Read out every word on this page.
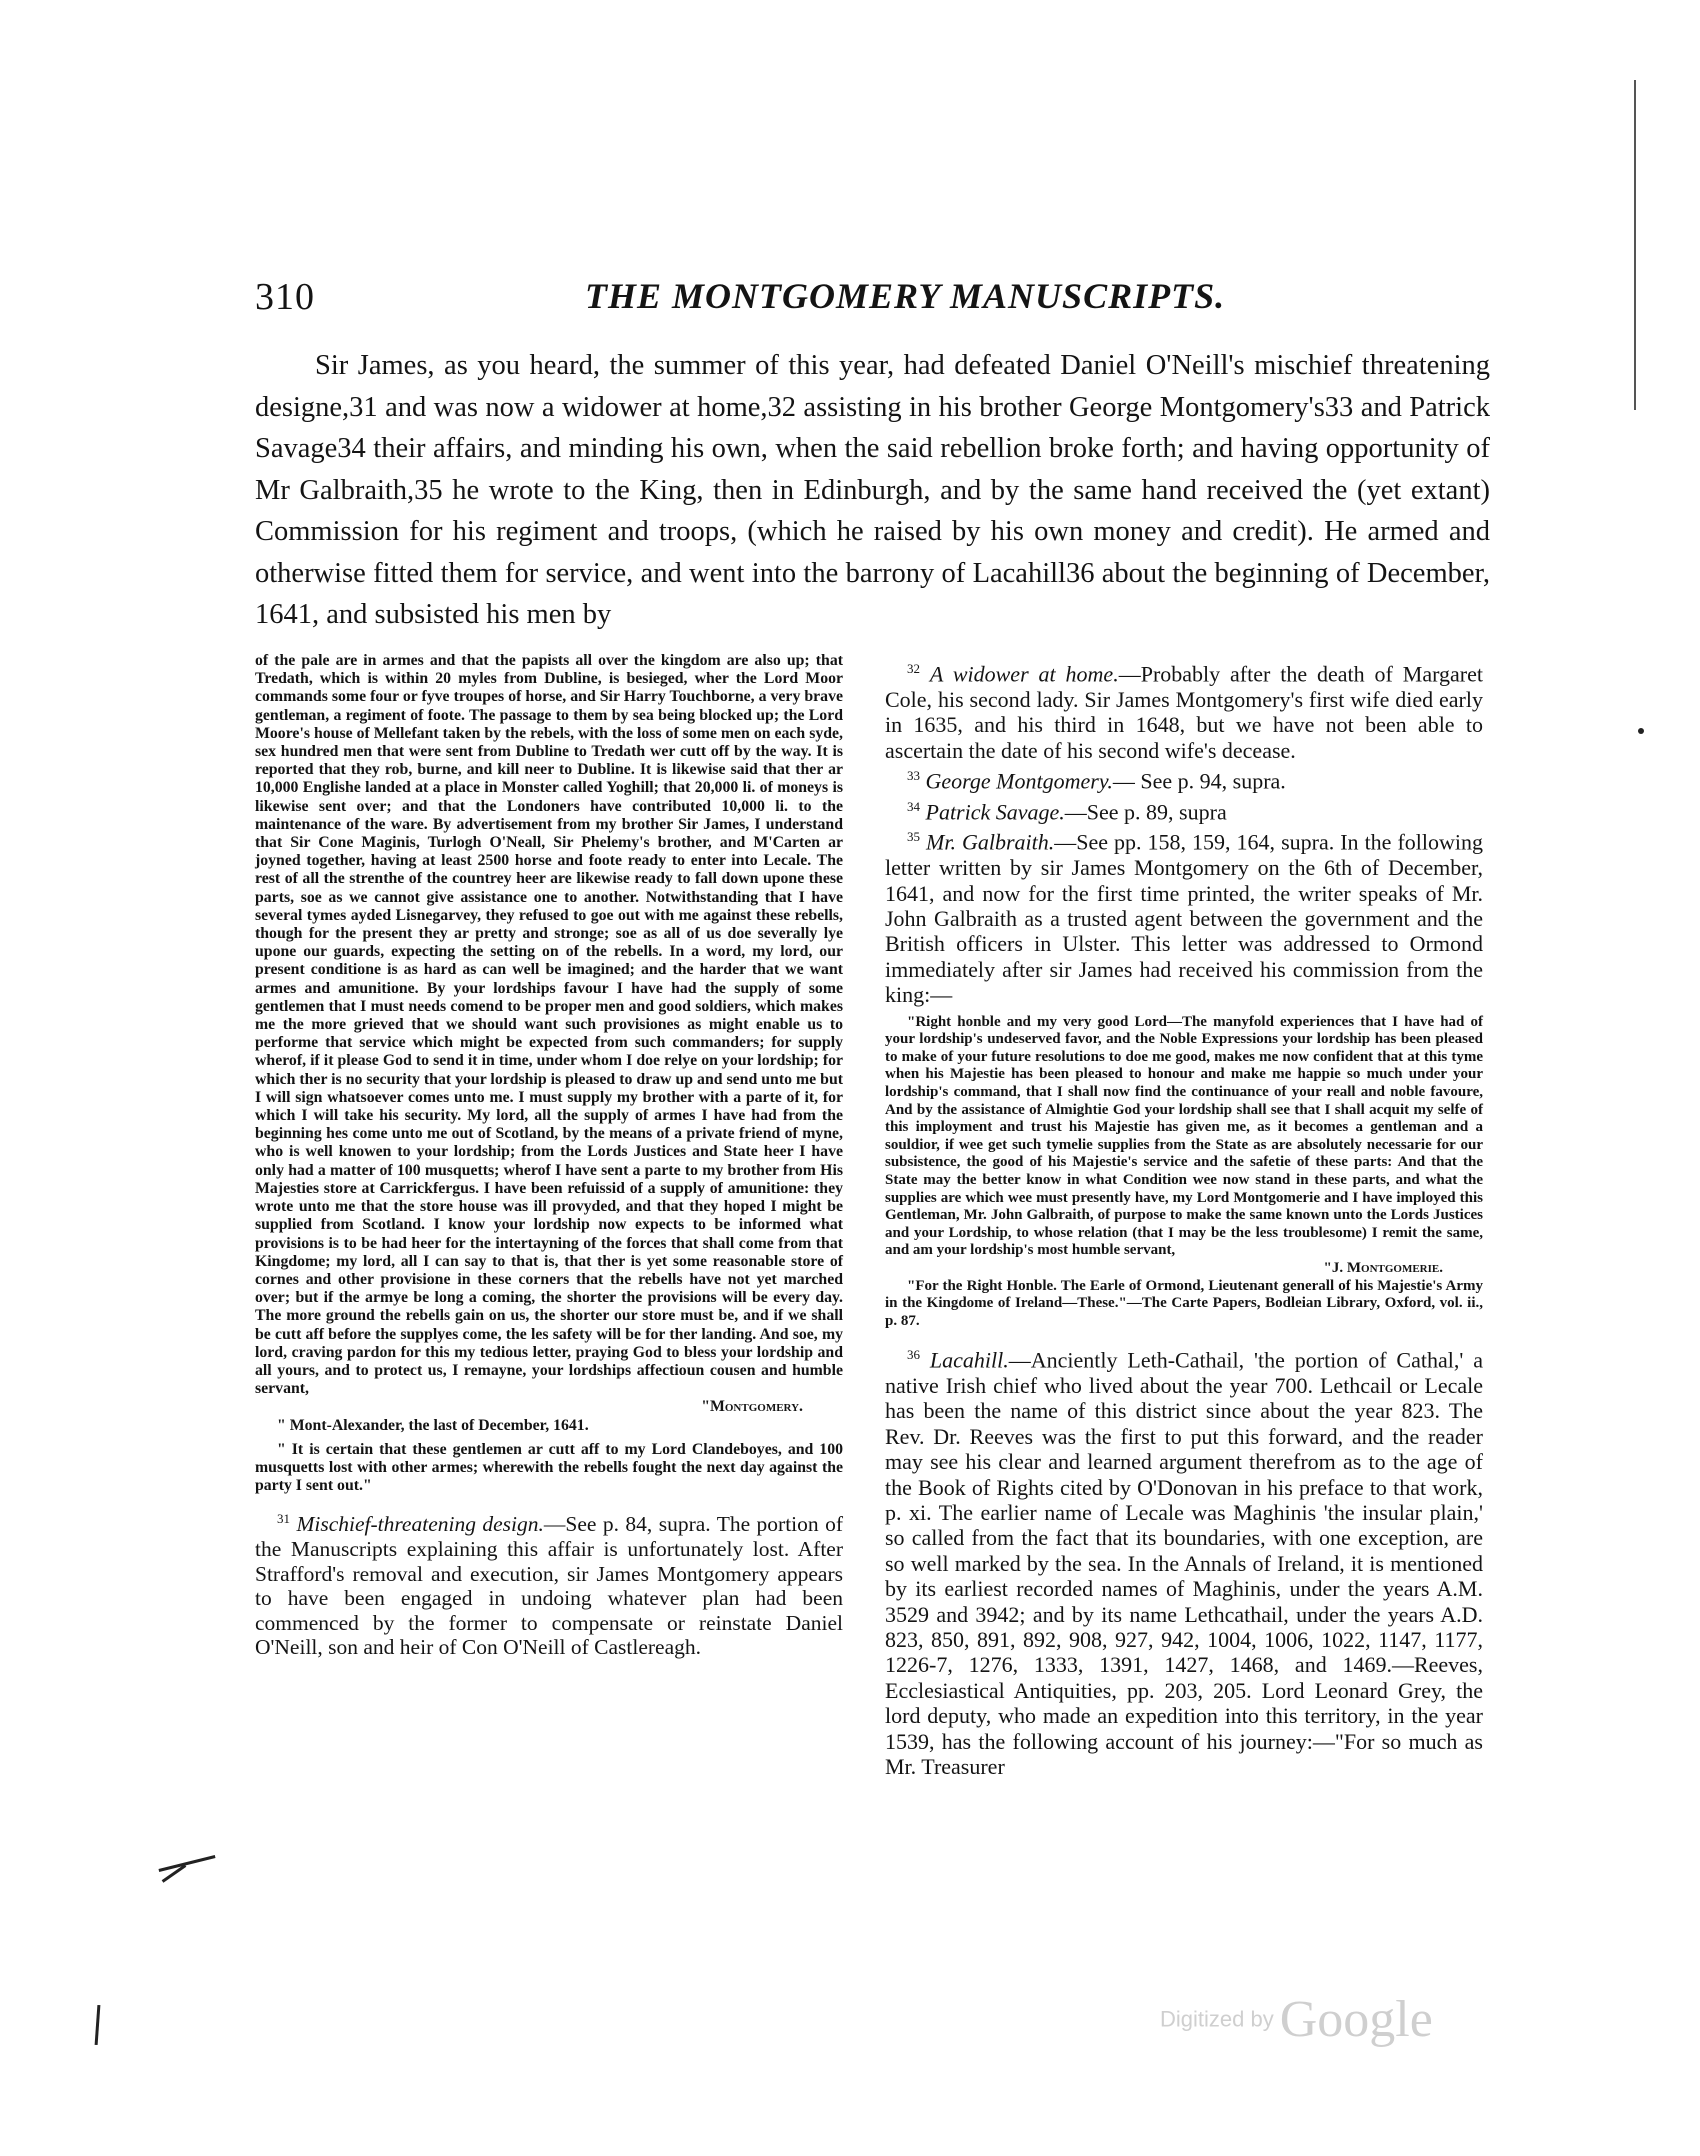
310	THE MONTGOMERY MANUSCRIPTS.

Sir James, as you heard, the summer of this year, had defeated Daniel O'Neill's mischief threatening designe,31 and was now a widower at home,32 assisting in his brother George Montgomery's33 and Patrick Savage34 their affairs, and minding his own, when the said rebellion broke forth; and having opportunity of Mr Galbraith,35 he wrote to the King, then in Edinburgh, and by the same hand received the (yet extant) Commission for his regiment and troops, (which he raised by his own money and credit). He armed and otherwise fitted them for service, and went into the barrony of Lacahill36 about the beginning of December, 1641, and subsisted his men by

of the pale are in armes and that the papists all over the kingdom are also up; that Tredath, which is within 20 myles from Dubline, is besieged, wher the Lord Moor commands some four or fyve troupes of horse, and Sir Harry Touchborne, a very brave gentleman, a regiment of foote. The passage to them by sea being blocked up; the Lord Moore's house of Mellefant taken by the rebels, with the loss of some men on each syde, sex hundred men that were sent from Dubline to Tredath wer cutt off by the way. It is reported that they rob, burne, and kill neer to Dubline. It is likewise said that ther ar 10,000 Englishe landed at a place in Monster called Yoghill; that 20,000 li. of moneys is likewise sent over; and that the Londoners have contributed 10,000 li. to the maintenance of the ware. By advertisement from my brother Sir James, I understand that Sir Cone Maginis, Turlogh O'Neall, Sir Phelemy's brother, and M'Carten ar joyned together, having at least 2500 horse and foote ready to enter into Lecale. The rest of all the strenthe of the countrey heer are likewise ready to fall down upone these parts, soe as we cannot give assistance one to another. Notwithstanding that I have several tymes ayded Lisnegarvey, they refused to goe out with me against these rebells, though for the present they ar pretty and stronge; soe as all of us doe severally lye upone our guards, expecting the setting on of the rebells. In a word, my lord, our present conditione is as hard as can well be imagined; and the harder that we want armes and amunitione. By your lordships favour I have had the supply of some gentlemen that I must needs comend to be proper men and good soldiers, which makes me the more grieved that we should want such provisiones as might enable us to performe that service which might be expected from such commanders; for supply wherof, if it please God to send it in time, under whom I doe relye on your lordship; for which ther is no security that your lordship is pleased to draw up and send unto me but I will sign whatsoever comes unto me. I must supply my brother with a parte of it, for which I will take his security. My lord, all the supply of armes I have had from the beginning hes come unto me out of Scotland, by the means of a private friend of myne, who is well knowen to your lordship; from the Lords Justices and State heer I have only had a matter of 100 musquetts; wherof I have sent a parte to my brother from His Majesties store at Carrickfergus. I have been refuissid of a supply of amunitione: they wrote unto me that the store house was ill provyded, and that they hoped I might be supplied from Scotland. I know your lordship now expects to be informed what provisions is to be had heer for the intertayning of the forces that shall come from that Kingdome; my lord, all I can say to that is, that ther is yet some reasonable store of cornes and other provisione in these corners that the rebells have not yet marched over; but if the armye be long a coming, the shorter the provisions will be every day. The more ground the rebells gain on us, the shorter our store must be, and if we shall be cutt aff before the supplyes come, the les safety will be for ther landing. And soe, my lord, craving pardon for this my tedious letter, praying God to bless your lordship and all yours, and to protect us, I remayne, your lordships affectioun cousen and humble servant,

"Montgomery.

" Mont-Alexander, the last of December, 1641.

" It is certain that these gentlemen ar cutt aff to my Lord Clandeboyes, and 100 musquetts lost with other armes; wherewith the rebells fought the next day against the party I sent out."

$^{31}$ Mischief-threatening design.—See p. 84, supra. The portion of the Manuscripts explaining this affair is unfortunately lost. After Strafford's removal and execution, sir James Montgomery appears to have been engaged in undoing whatever plan had been commenced by the former to compensate or reinstate Daniel O'Neill, son and heir of Con O'Neill of Castlereagh.

$^{32}$ A widower at home.—Probably after the death of Margaret Cole, his second lady. Sir James Montgomery's first wife died early in 1635, and his third in 1648, but we have not been able to ascertain the date of his second wife's decease.

$^{33}$ George Montgomery.— See p. 94, supra.

$^{34}$ Patrick Savage.—See p. 89, supra

$^{35}$ Mr. Galbraith.—See pp. 158, 159, 164, supra. In the following letter written by sir James Montgomery on the 6th of December, 1641, and now for the first time printed, the writer speaks of Mr. John Galbraith as a trusted agent between the government and the British officers in Ulster. This letter was addressed to Ormond immediately after sir James had received his commission from the king:—

"Right honble and my very good Lord—The manyfold experiences that I have had of your lordship's undeserved favor, and the Noble Expressions your lordship has been pleased to make of your future resolutions to doe me good, makes me now confident that at this tyme when his Majestie has been pleased to honour and make me happie so much under your lordship's command, that I shall now find the continuance of your reall and noble favoure, And by the assistance of Almightie God your lordship shall see that I shall acquit my selfe of this imployment and trust his Majestie has given me, as it becomes a gentleman and a souldior, if wee get such tymelie supplies from the State as are absolutely necessarie for our subsistence, the good of his Majestie's service and the safetie of these parts: And that the State may the better know in what Condition wee now stand in these parts, and what the supplies are which wee must presently have, my Lord Montgomerie and I have imployed this Gentleman, Mr. John Galbraith, of purpose to make the same known unto the Lords Justices and your Lordship, to whose relation (that I may be the less troublesome) I remit the same, and am your lordship's most humble servant,

"J. Montgomerie.

"For the Right Honble. The Earle of Ormond, Lieutenant generall of his Majestie's Army in the Kingdome of Ireland—These."—The Carte Papers, Bodleian Library, Oxford, vol. ii., p. 87.

$^{36}$ Lacahill.—Anciently Leth-Cathail, 'the portion of Cathal,' a native Irish chief who lived about the year 700. Lethcail or Lecale has been the name of this district since about the year 823. The Rev. Dr. Reeves was the first to put this forward, and the reader may see his clear and learned argument therefrom as to the age of the Book of Rights cited by O'Donovan in his preface to that work, p. xi. The earlier name of Lecale was Maghinis 'the insular plain,' so called from the fact that its boundaries, with one exception, are so well marked by the sea. In the Annals of Ireland, it is mentioned by its earliest recorded names of Maghinis, under the years A.M. 3529 and 3942; and by its name Lethcathail, under the years A.D. 823, 850, 891, 892, 908, 927, 942, 1004, 1006, 1022, 1147, 1177, 1226-7, 1276, 1333, 1391, 1427, 1468, and 1469.—Reeves, Ecclesiastical Antiquities, pp. 203, 205. Lord Leonard Grey, the lord deputy, who made an expedition into this territory, in the year 1539, has the following account of his journey:—"For so much as Mr. Treasurer

Digitized by Google
